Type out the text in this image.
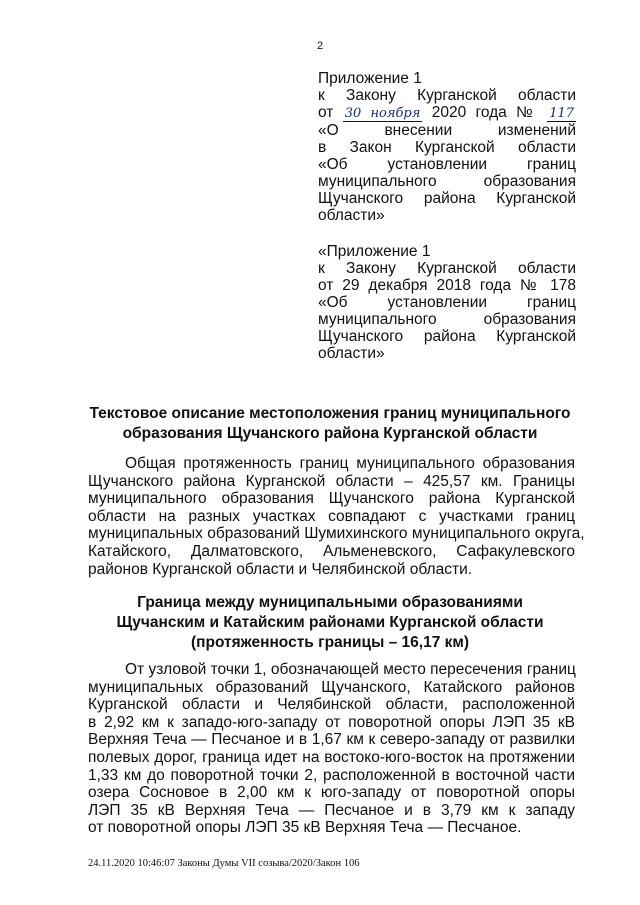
2
Приложение 1
к Закону Курганской области
от 30 ноября 2020 года № 117
«О внесении изменений
в Закон Курганской области
«Об установлении границ
муниципального образования
Щучанского района Курганской
области»
«Приложение 1
к Закону Курганской области
от 29 декабря 2018 года № 178
«Об установлении границ
муниципального образования
Щучанского района Курганской
области»
Текстовое описание местоположения границ муниципального
образования Щучанского района Курганской области
Общая протяженность границ муниципального образования
Щучанского района Курганской области – 425,57 км. Границы
муниципального образования Щучанского района Курганской
области на разных участках совпадают с участками границ
муниципальных образований Шумихинского муниципального округа,
Катайского, Далматовского, Альменевского, Сафакулевского
районов Курганской области и Челябинской области.
Граница между муниципальными образованиями
Щучанским и Катайским районами Курганской области
(протяженность границы – 16,17 км)
От узловой точки 1, обозначающей место пересечения границ
муниципальных образований Щучанского, Катайского районов
Курганской области и Челябинской области, расположенной
в 2,92 км к западо-юго-западу от поворотной опоры ЛЭП 35 кВ
Верхняя Теча — Песчаное и в 1,67 км к северо-западу от развилки
полевых дорог, граница идет на востоко-юго-восток на протяжении
1,33 км до поворотной точки 2, расположенной в восточной части
озера Сосновое в 2,00 км к юго-западу от поворотной опоры
ЛЭП 35 кВ Верхняя Теча — Песчаное и в 3,79 км к западу
от поворотной опоры ЛЭП 35 кВ Верхняя Теча — Песчаное.
24.11.2020 10:46:07 Законы Думы VII созыва/2020/Закон 106
